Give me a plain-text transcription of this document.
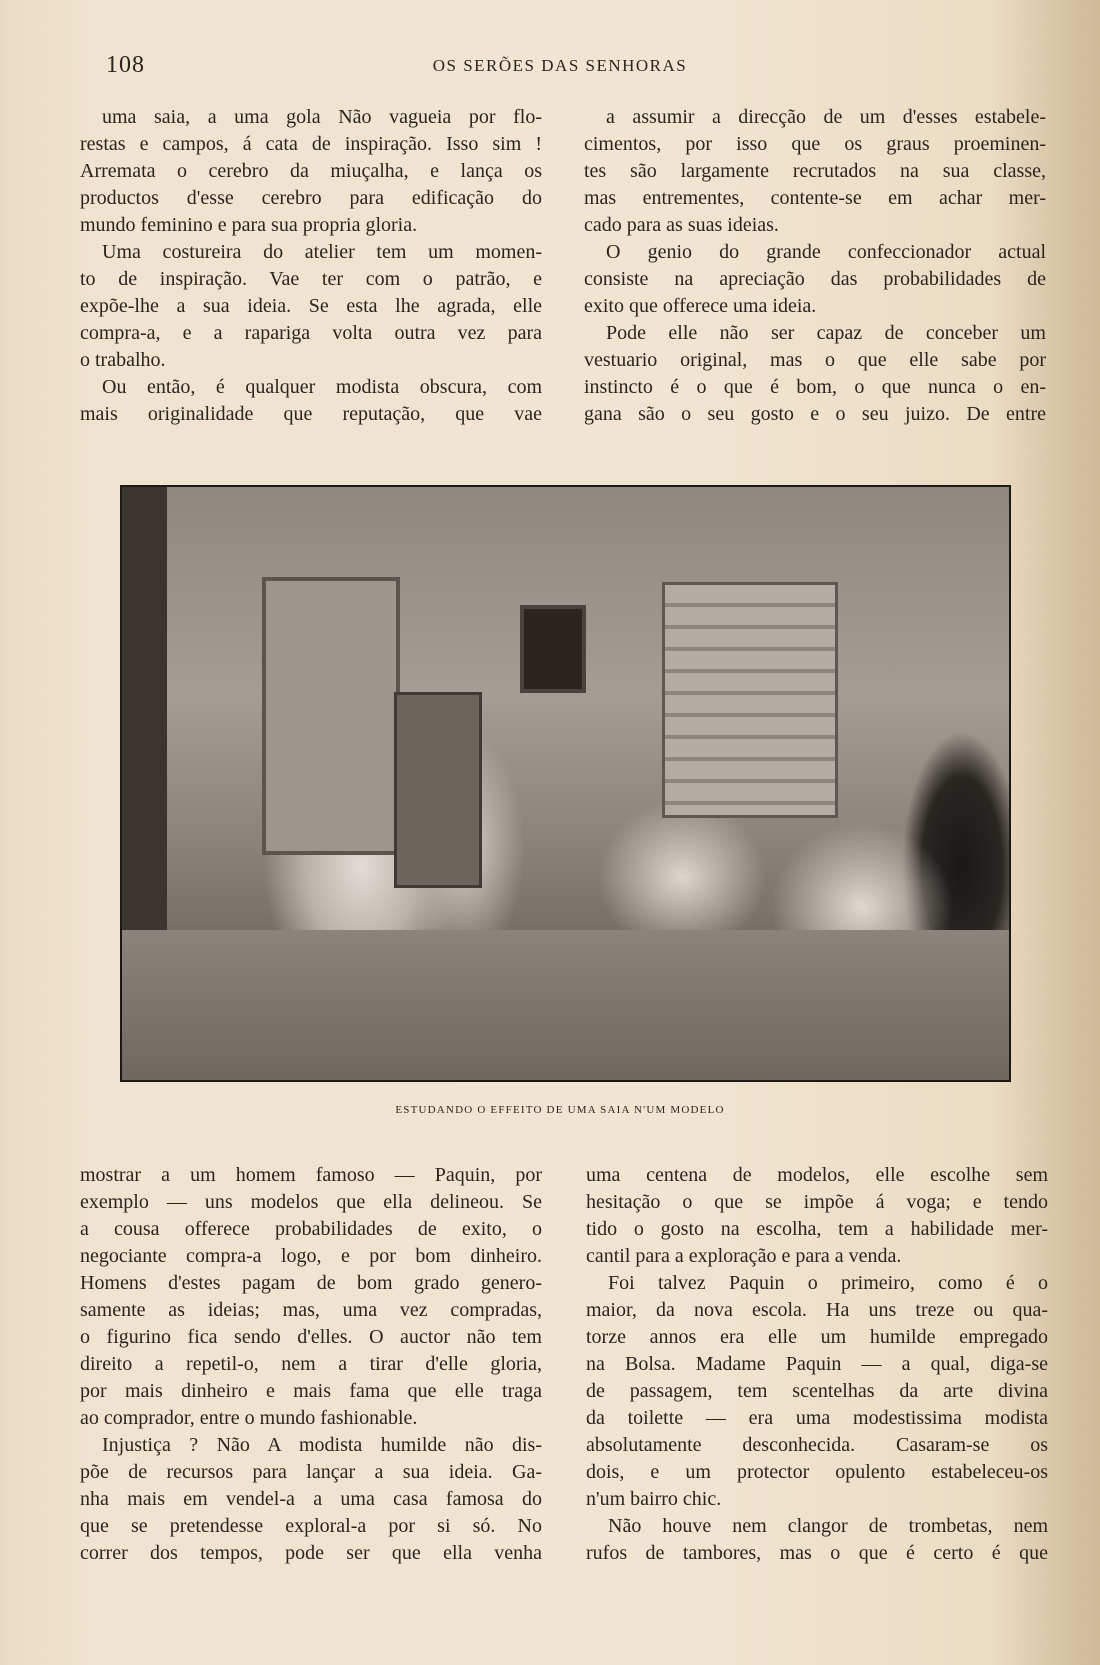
108	OS SERÕES DAS SENHORAS
uma saia, a uma gola Não vagueia por flo-
restas e campos, á cata de inspiração. Isso sim !
Arremata o cerebro da miuçalha, e lança os
productos d'esse cerebro para edificação do
mundo feminino e para sua propria gloria.
Uma costureira do atelier tem um momen-
to de inspiração. Vae ter com o patrão, e
expõe-lhe a sua ideia. Se esta lhe agrada, elle
compra-a, e a rapariga volta outra vez para
o trabalho.
Ou então, é qualquer modista obscura, com
mais originalidade que reputação, que vae
a assumir a direcção de um d'esses estabele-
cimentos, por isso que os graus proeminen-
tes são largamente recrutados na sua classe,
mas entrementes, contente-se em achar mer-
cado para as suas ideias.
O genio do grande confeccionador actual
consiste na apreciação das probabilidades de
exito que offerece uma ideia.
Pode elle não ser capaz de conceber um
vestuario original, mas o que elle sabe por
instincto é o que é bom, o que nunca o en-
gana são o seu gosto e o seu juizo. De entre
ESTUDANDO O EFFEITO DE UMA SAIA N'UM MODELO
mostrar a um homem famoso — Paquin, por
exemplo — uns modelos que ella delineou. Se
a cousa offerece probabilidades de exito, o
negociante compra-a logo, e por bom dinheiro.
Homens d'estes pagam de bom grado genero-
samente as ideias; mas, uma vez compradas,
o figurino fica sendo d'elles. O auctor não tem
direito a repetil-o, nem a tirar d'elle gloria,
por mais dinheiro e mais fama que elle traga
ao comprador, entre o mundo fashionable.
Injustiça ? Não A modista humilde não dis-
põe de recursos para lançar a sua ideia. Ga-
nha mais em vendel-a a uma casa famosa do
que se pretendesse exploral-a por si só. No
correr dos tempos, pode ser que ella venha
uma centena de modelos, elle escolhe sem
hesitação o que se impõe á voga; e tendo
tido o gosto na escolha, tem a habilidade mer-
cantil para a exploração e para a venda.
Foi talvez Paquin o primeiro, como é o
maior, da nova escola. Ha uns treze ou qua-
torze annos era elle um humilde empregado
na Bolsa. Madame Paquin — a qual, diga-se
de passagem, tem scentelhas da arte divina
da toilette — era uma modestissima modista
absolutamente desconhecida. Casaram-se os
dois, e um protector opulento estabeleceu-os
n'um bairro chic.
Não houve nem clangor de trombetas, nem
rufos de tambores, mas o que é certo é que
